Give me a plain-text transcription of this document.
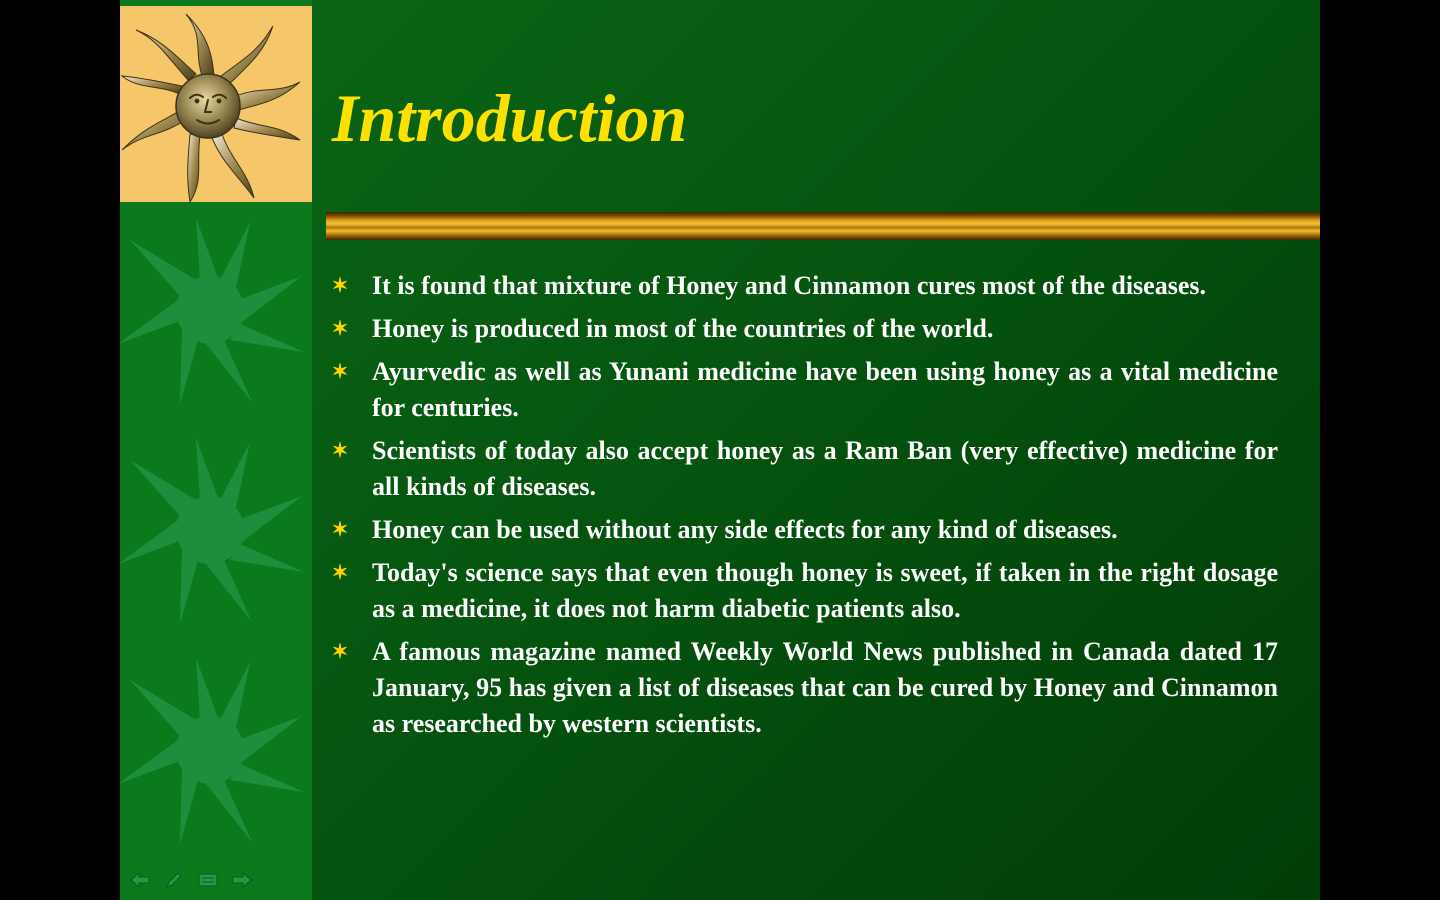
Introduction
✶ It is found that mixture of Honey and Cinnamon cures most of the diseases.
✶ Honey is produced in most of the countries of the world.
✶ Ayurvedic as well as Yunani medicine have been using honey as a vital medicine for centuries.
✶ Scientists of today also accept honey as a Ram Ban (very effective) medicine for all kinds of diseases.
✶ Honey can be used without any side effects for any kind of diseases.
✶ Today's science says that even though honey is sweet, if taken in the right dosage as a medicine, it does not harm diabetic patients also.
✶ A famous magazine named Weekly World News published in Canada dated 17 January, 95 has given a list of diseases that can be cured by Honey and Cinnamon as researched by western scientists.
